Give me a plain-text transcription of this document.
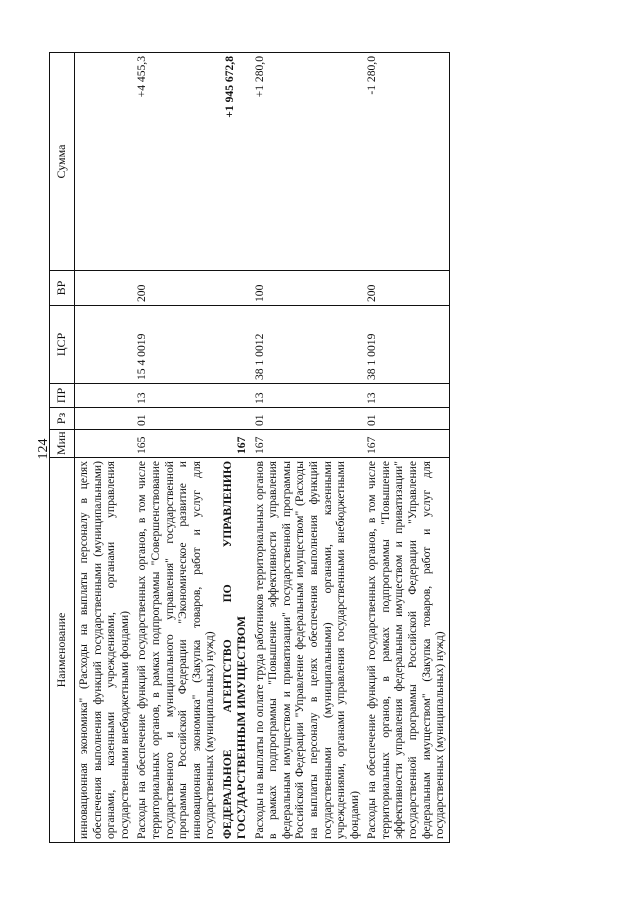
124
Наименование	Мин	Рз	ПР	ЦСР	ВР	Сумма
инновационная экономика" (Расходы на выплаты персоналу в целях обеспечения выполнения функций государственными (муниципальными) органами, казенными учреждениями, органами управления государственными внебюджетными фондами)						
Расходы на обеспечение функций государственных органов, в том числе территориальных органов, в рамках подпрограммы "Совершенствование государственного и муниципального управления" государственной программы Российской Федерации "Экономическое развитие и инновационная экономика" (Закупка товаров, работ и услуг для государственных (муниципальных) нужд)	165	01	13	15 4 0019	200	+4 455,3
ФЕДЕРАЛЬНОЕ АГЕНТСТВО ПО УПРАВЛЕНИЮ ГОСУДАРСТВЕННЫМ ИМУЩЕСТВОМ	167					+1 945 672,8
Расходы на выплаты по оплате труда работников территориальных органов в рамках подпрограммы "Повышение эффективности управления федеральным имуществом и приватизации" государственной программы Российской Федерации "Управление федеральным имуществом" (Расходы на выплаты персоналу в целях обеспечения выполнения функций государственными (муниципальными) органами, казенными учреждениями, органами управления государственными внебюджетными фондами)	167	01	13	38 1 0012	100	+1 280,0
Расходы на обеспечение функций государственных органов, в том числе территориальных органов, в рамках подпрограммы "Повышение эффективности управления федеральным имуществом и приватизации" государственной программы Российской Федерации "Управление федеральным имуществом" (Закупка товаров, работ и услуг для государственных (муниципальных) нужд)	167	01	13	38 1 0019	200	-1 280,0
